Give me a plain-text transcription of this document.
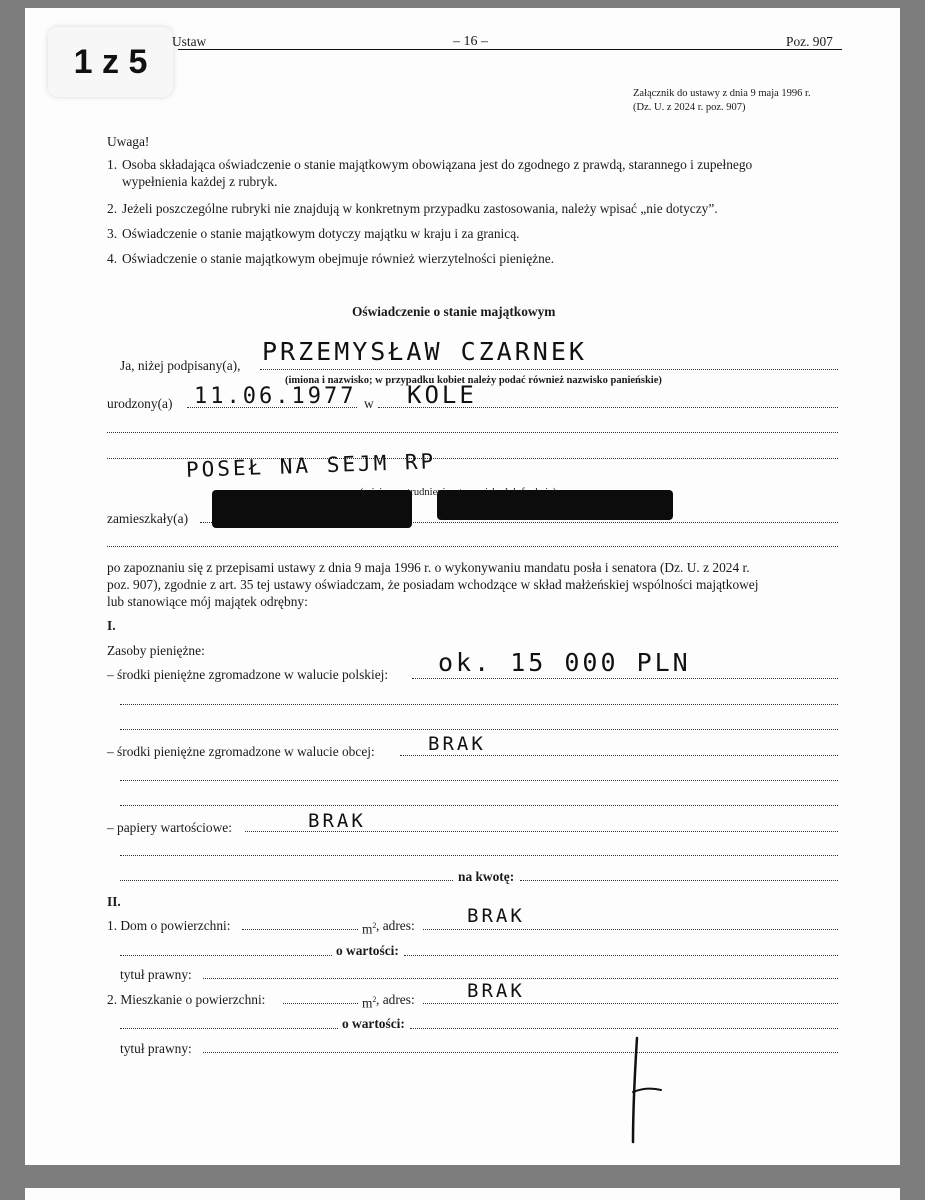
1 z 5
Ustaw	– 16 –	Poz. 907
Załącznik do ustawy z dnia 9 maja 1996 r.
(Dz. U. z 2024 r. poz. 907)
Uwaga!
1. Osoba składająca oświadczenie o stanie majątkowym obowiązana jest do zgodnego z prawdą, starannego i zupełnego
wypełnienia każdej z rubryk.
2. Jeżeli poszczególne rubryki nie znajdują w konkretnym przypadku zastosowania, należy wpisać „nie dotyczy”.
3. Oświadczenie o stanie majątkowym dotyczy majątku w kraju i za granicą.
4. Oświadczenie o stanie majątkowym obejmuje również wierzytelności pieniężne.
Oświadczenie o stanie majątkowym
Ja, niżej podpisany(a), PRZEMYSŁAW CZARNEK
(imiona i nazwisko; w przypadku kobiet należy podać również nazwisko panieńskie)
urodzony(a) 11.06.1977 w KOLE
POSEŁ NA SEJM RP
zatrudnienia,
zamieszkały(a)
po zapoznaniu się z przepisami ustawy z dnia 9 maja 1996 r. o wykonywaniu mandatu posła i senatora (Dz. U. z 2024 r.
poz. 907), zgodnie z art. 35 tej ustawy oświadczam, że posiadam wchodzące w skład małżeńskiej wspólności majątkowej
lub stanowiące mój majątek odrębny:
I.
Zasoby pieniężne:
– środki pieniężne zgromadzone w walucie polskiej: ok. 15 000 PLN
– środki pieniężne zgromadzone w walucie obcej:	BRAK
– papiery wartościowe:	BRAK
na kwotę:
II.
1. Dom o powierzchni:	$m^2$ , adres:	BRAK
o wartości:
tytuł prawny:
2. Mieszkanie o powierzchni:	$m^2$ , adres:	BRAK
o wartości:
tytuł prawny:
